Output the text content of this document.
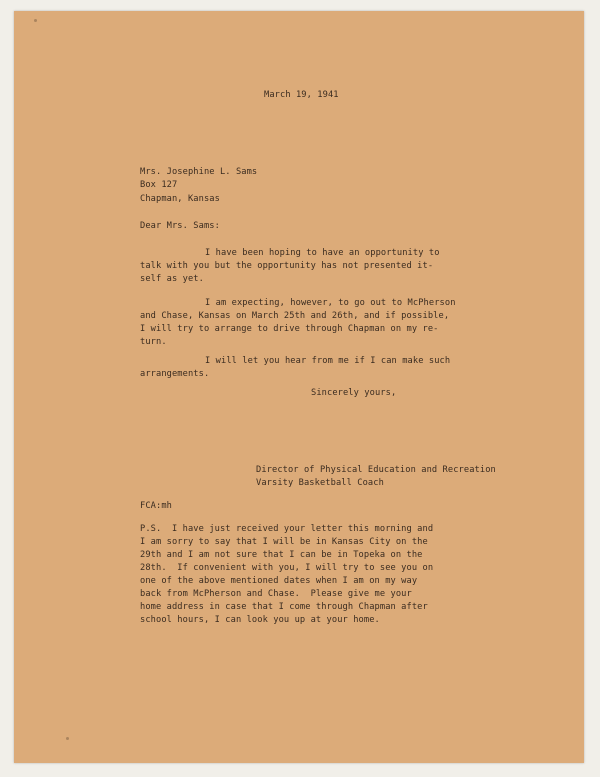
March 19, 1941
Mrs. Josephine L. Sams
Box 127
Chapman, Kansas
Dear Mrs. Sams:
I have been hoping to have an opportunity to
talk with you but the opportunity has not presented it-
self as yet.
I am expecting, however, to go out to McPherson
and Chase, Kansas on March 25th and 26th, and if possible,
I will try to arrange to drive through Chapman on my re-
turn.
I will let you hear from me if I can make such
arrangements.
Sincerely yours,
Director of Physical Education and Recreation
Varsity Basketball Coach
FCA:mh
P.S.  I have just received your letter this morning and
I am sorry to say that I will be in Kansas City on the
29th and I am not sure that I can be in Topeka on the
28th.  If convenient with you, I will try to see you on
one of the above mentioned dates when I am on my way
back from McPherson and Chase.  Please give me your
home address in case that I come through Chapman after
school hours, I can look you up at your home.
